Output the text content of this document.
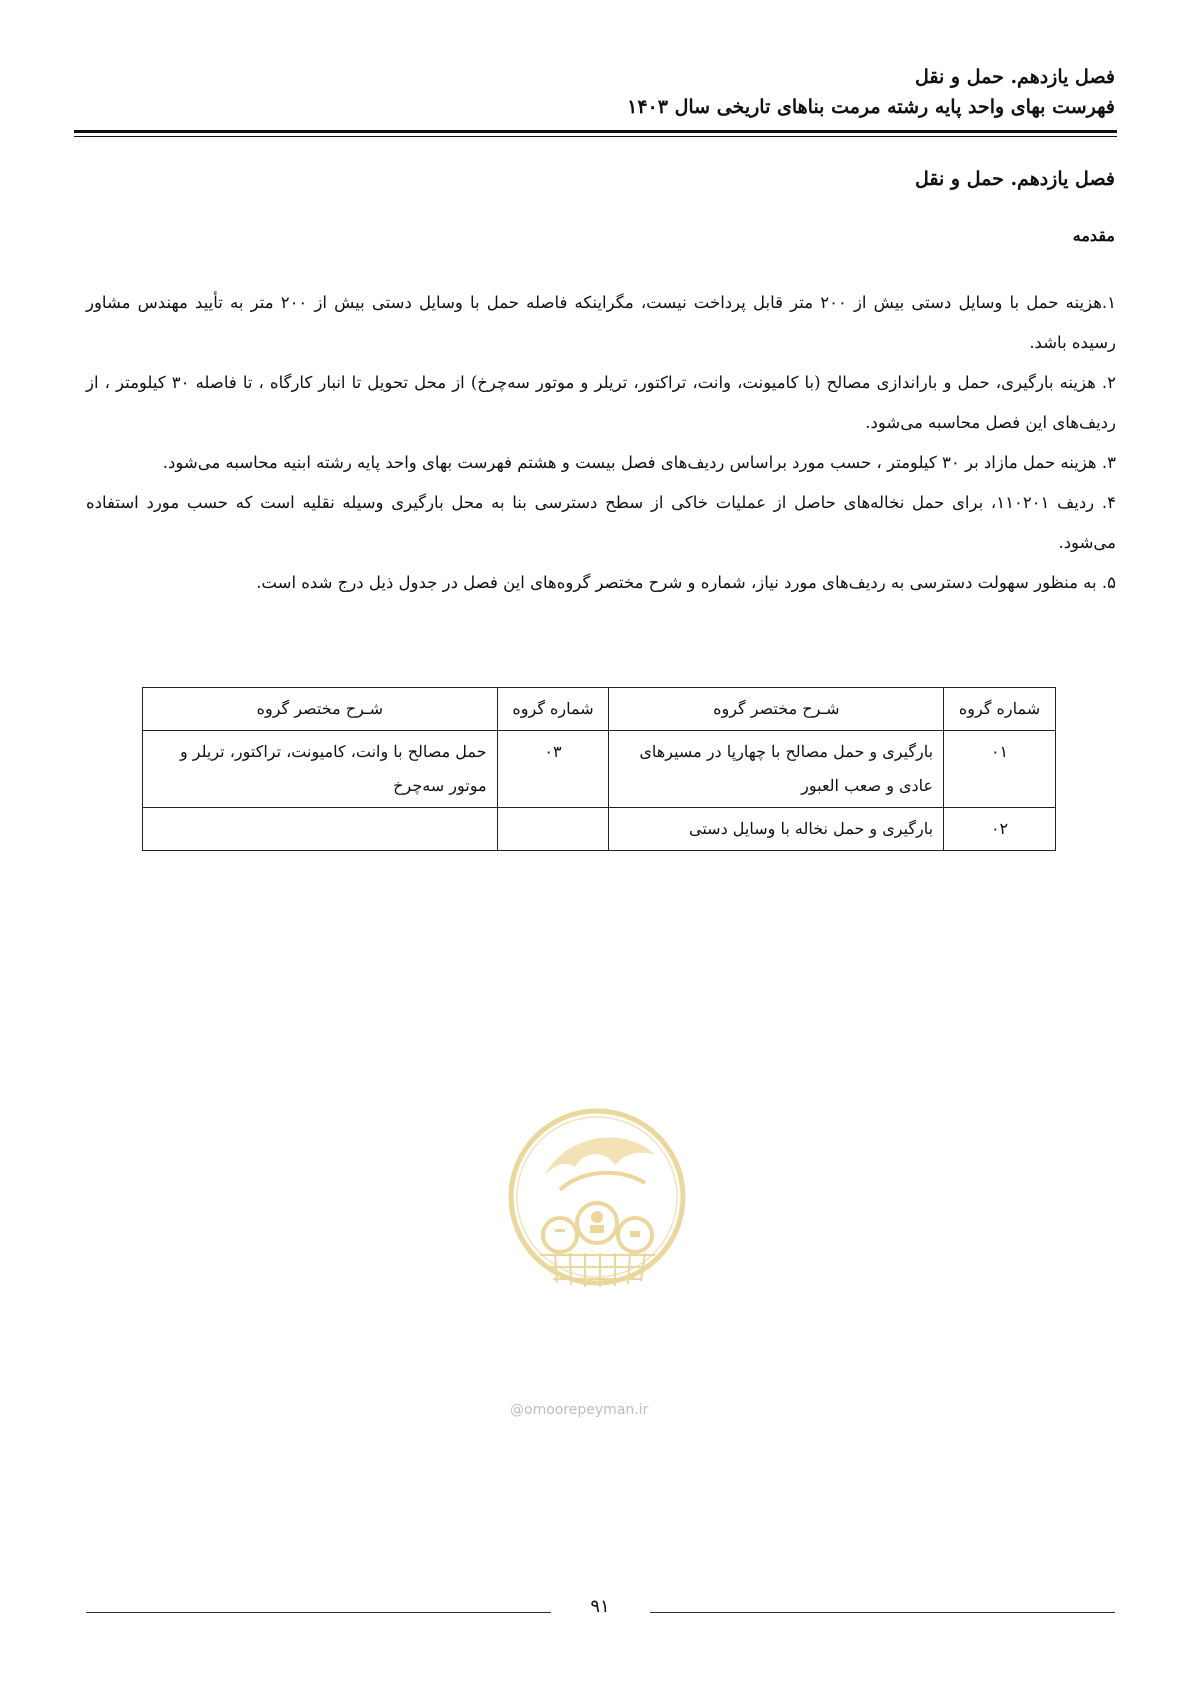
فصل یازدهم. حمل و نقل
فهرست بهای واحد پایه رشته مرمت بناهای تاریخی سال ۱۴۰۳
فصل یازدهم. حمل و نقل
مقدمه

۱.هزینه حمل با وسایل دستی بیش از ۲۰۰ متر قابل پرداخت نیست، مگراینکه فاصله حمل با وسایل دستی بیش از ۲۰۰ متر به تأیید مهندس مشاور رسیده باشد.

۲. هزینه بارگیری، حمل و باراندازی مصالح (با کامیونت، وانت، تراکتور، تریلر و موتور سه‌چرخ) از محل تحویل تا انبار کارگاه ، تا فاصله ۳۰ کیلومتر ، از ردیف‌های این فصل محاسبه می‌شود.

۳. هزینه حمل مازاد بر ۳۰ کیلومتر ، حسب مورد براساس ردیف‌های فصل بیست و هشتم فهرست بهای واحد پایه رشته ابنیه محاسبه می‌شود.

۴. ردیف ۱۱۰۲۰۱، برای حمل نخاله‌های حاصل از عملیات خاکی از سطح دسترسی بنا به محل بارگیری وسیله نقلیه است که حسب مورد استفاده می‌شود.

۵. به منظور سهولت دسترسی به ردیف‌های مورد نیاز، شماره و شرح مختصر گروه‌های این فصل در جدول ذیل درج شده است.

شماره گروه	شـرح مختصر گروه	شماره گروه	شـرح مختصر گروه
۰۱	بارگیری و حمل مصالح با چهارپا در مسیرهای عادی و صعب العبور	۰۳	حمل مصالح با وانت، کامیونت، تراکتور، تریلر و موتور سه‌چرخ
۰۲	بارگیری و حمل نخاله با وسایل دستی		
@omoorepeyman.ir
۹۱
